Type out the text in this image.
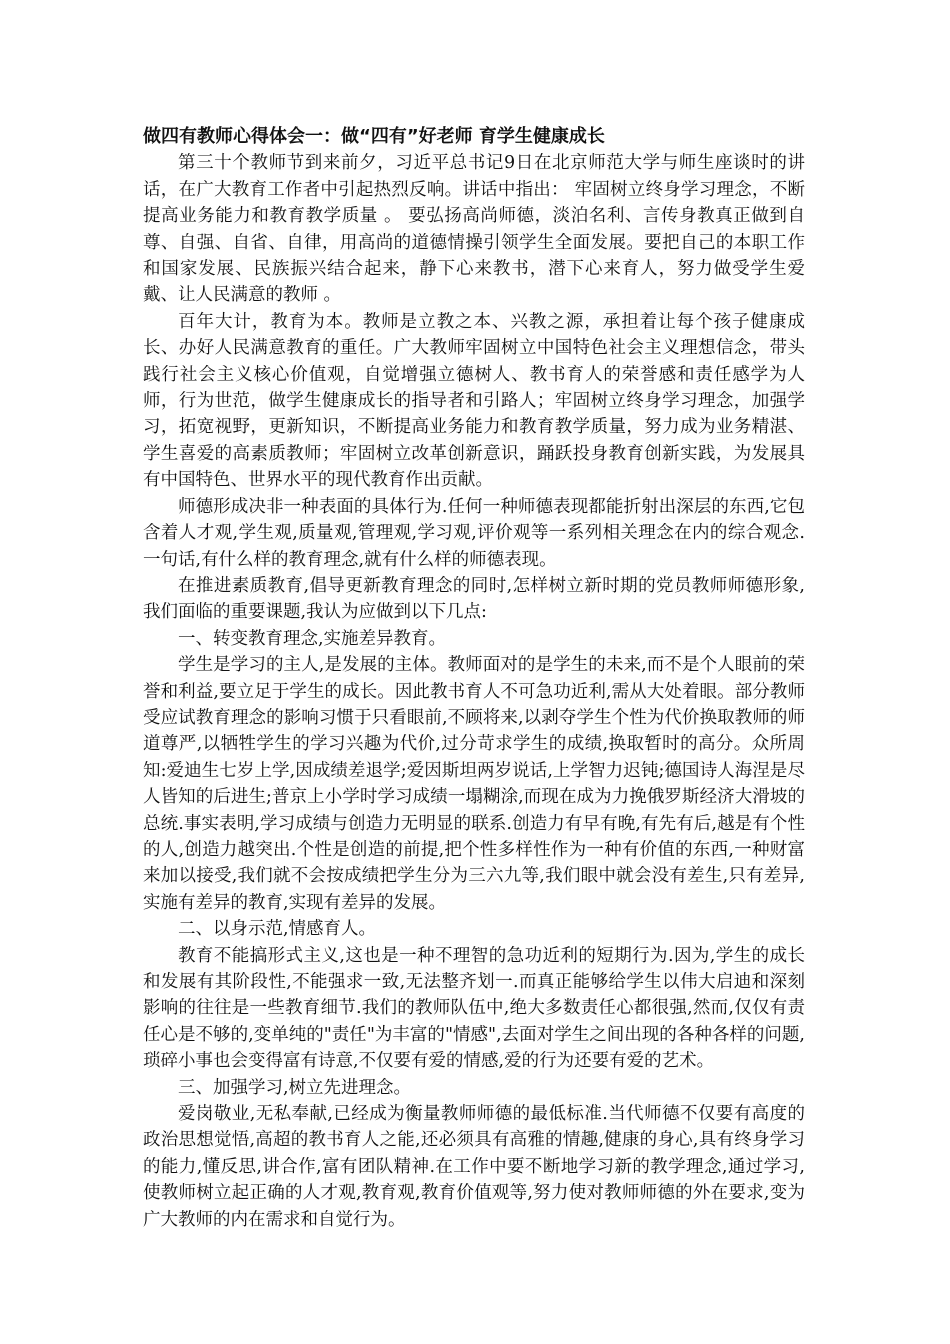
做四有教师心得体会一：做“四有”好老师 育学生健康成长

第三十个教师节到来前夕，习近平总书记9日在北京师范大学与师生座谈时的讲话，在广大教育工作者中引起热烈反响。讲话中指出： 牢固树立终身学习理念，不断提高业务能力和教育教学质量 。 要弘扬高尚师德，淡泊名利、言传身教真正做到自尊、自强、自省、自律，用高尚的道德情操引领学生全面发展。要把自己的本职工作和国家发展、民族振兴结合起来，静下心来教书，潜下心来育人，努力做受学生爱戴、让人民满意的教师 。

百年大计，教育为本。教师是立教之本、兴教之源，承担着让每个孩子健康成长、办好人民满意教育的重任。广大教师牢固树立中国特色社会主义理想信念，带头践行社会主义核心价值观，自觉增强立德树人、教书育人的荣誉感和责任感学为人师，行为世范，做学生健康成长的指导者和引路人；牢固树立终身学习理念，加强学习，拓宽视野，更新知识，不断提高业务能力和教育教学质量，努力成为业务精湛、学生喜爱的高素质教师；牢固树立改革创新意识，踊跃投身教育创新实践，为发展具有中国特色、世界水平的现代教育作出贡献。

师德形成决非一种表面的具体行为.任何一种师德表现都能折射出深层的东西,它包含着人才观,学生观,质量观,管理观,学习观,评价观等一系列相关理念在内的综合观念.一句话,有什么样的教育理念,就有什么样的师德表现。

在推进素质教育,倡导更新教育理念的同时,怎样树立新时期的党员教师师德形象,我们面临的重要课题,我认为应做到以下几点:

一、转变教育理念,实施差异教育。

学生是学习的主人,是发展的主体。教师面对的是学生的未来,而不是个人眼前的荣誉和利益,要立足于学生的成长。因此教书育人不可急功近利,需从大处着眼。部分教师受应试教育理念的影响习惯于只看眼前,不顾将来,以剥夺学生个性为代价换取教师的师道尊严,以牺牲学生的学习兴趣为代价,过分苛求学生的成绩,换取暂时的高分。众所周知:爱迪生七岁上学,因成绩差退学;爱因斯坦两岁说话,上学智力迟钝;德国诗人海涅是尽人皆知的后进生;普京上小学时学习成绩一塌糊涂,而现在成为力挽俄罗斯经济大滑坡的总统.事实表明,学习成绩与创造力无明显的联系.创造力有早有晚,有先有后,越是有个性的人,创造力越突出.个性是创造的前提,把个性多样性作为一种有价值的东西,一种财富来加以接受,我们就不会按成绩把学生分为三六九等,我们眼中就会没有差生,只有差异,实施有差异的教育,实现有差异的发展。

二、以身示范,情感育人。

教育不能搞形式主义,这也是一种不理智的急功近利的短期行为.因为,学生的成长和发展有其阶段性,不能强求一致,无法整齐划一.而真正能够给学生以伟大启迪和深刻影响的往往是一些教育细节.我们的教师队伍中,绝大多数责任心都很强,然而,仅仅有责任心是不够的,变单纯的"责任"为丰富的"情感",去面对学生之间出现的各种各样的问题,琐碎小事也会变得富有诗意,不仅要有爱的情感,爱的行为还要有爱的艺术。

三、加强学习,树立先进理念。

爱岗敬业,无私奉献,已经成为衡量教师师德的最低标准.当代师德不仅要有高度的政治思想觉悟,高超的教书育人之能,还必须具有高雅的情趣,健康的身心,具有终身学习的能力,懂反思,讲合作,富有团队精神.在工作中要不断地学习新的教学理念,通过学习,使教师树立起正确的人才观,教育观,教育价值观等,努力使对教师师德的外在要求,变为广大教师的内在需求和自觉行为。
